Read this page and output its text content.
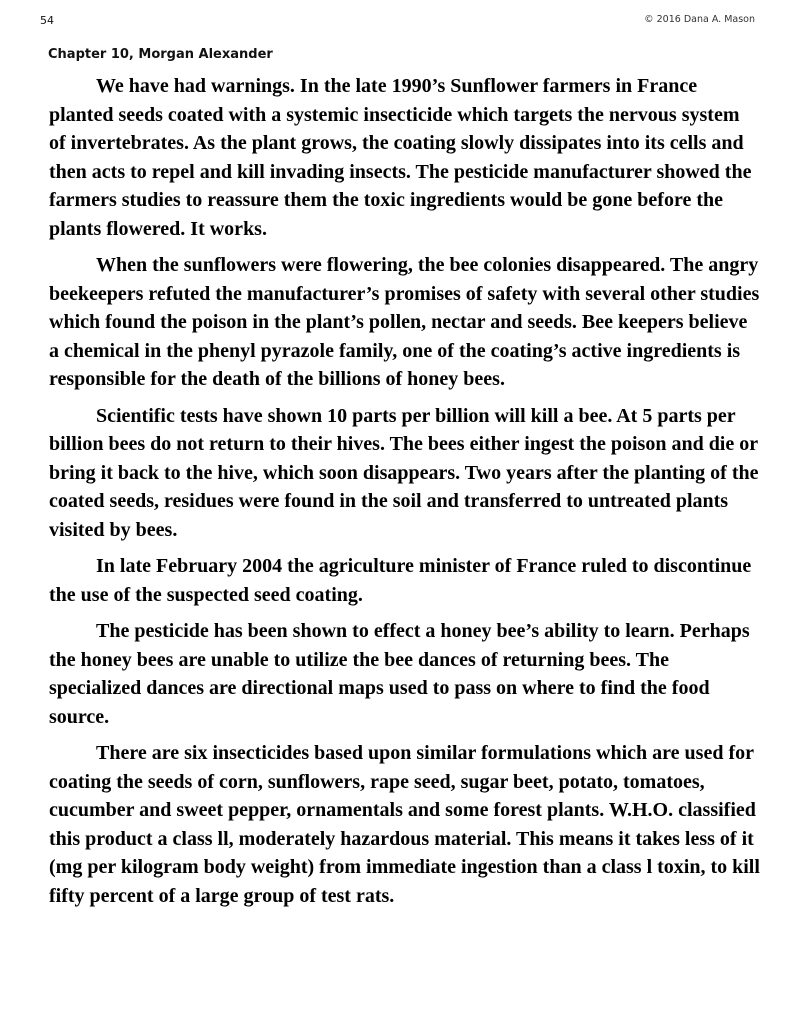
54	© 2016 Dana A. Mason
Chapter 10, Morgan Alexander

We have had warnings. In the late 1990’s Sunflower farmers in France planted seeds coated with a systemic insecticide which targets the nervous system of invertebrates. As the plant grows, the coating slowly dissipates into its cells and then acts to repel and kill invading insects. The pesticide manufacturer showed the farmers studies to reassure them the toxic ingredients would be gone before the plants flowered. It works.

When the sunflowers were flowering, the bee colonies disappeared. The angry beekeepers refuted the manufacturer’s promises of safety with several other studies which found the poison in the plant’s pollen, nectar and seeds. Bee keepers believe a chemical in the phenyl pyrazole family, one of the coating’s active ingredients is responsible for the death of the billions of honey bees.

Scientific tests have shown 10 parts per billion will kill a bee. At 5 parts per billion bees do not return to their hives. The bees either ingest the poison and die or bring it back to the hive, which soon disappears. Two years after the planting of the coated seeds, residues were found in the soil and transferred to untreated plants visited by bees.

In late February 2004 the agriculture minister of France ruled to discontinue the use of the suspected seed coating.

The pesticide has been shown to effect a honey bee’s ability to learn. Perhaps the honey bees are unable to utilize the bee dances of returning bees. The specialized dances are directional maps used to pass on where to find the food source.

There are six insecticides based upon similar formulations which are used for coating the seeds of corn, sunflowers, rape seed, sugar beet, potato, tomatoes, cucumber and sweet pepper, ornamentals and some forest plants. W.H.O. classified this product a class ll, moderately hazardous material. This means it takes less of it (mg per kilogram body weight) from immediate ingestion than a class l toxin, to kill fifty percent of a large group of test rats.
